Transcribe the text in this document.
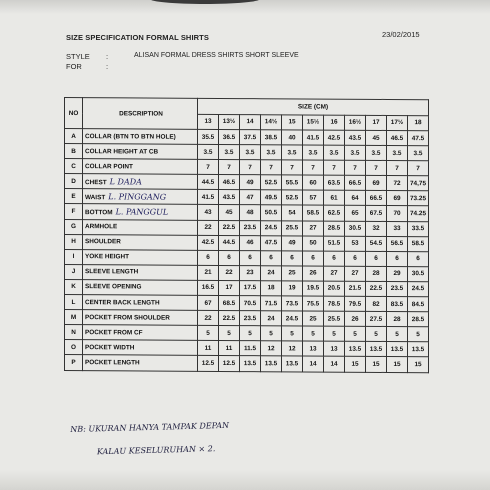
SIZE SPECIFICATION FORMAL SHIRTS	23/02/2015
STYLE :
FOR	:
ALISAN FORMAL DRESS SHIRTS SHORT SLEEVE
NO	DESCRIPTION	SIZE (CM)										
		13	13½	14	14½	15	15½	16	16½	17	17½	18
A	COLLAR (BTN TO BTN HOLE)	35.5	36.5	37.5	38.5	40	41.5	42.5	43.5	45	46.5	47.5
B	COLLAR HEIGHT AT CB	3.5	3.5	3.5	3.5	3.5	3.5	3.5	3.5	3.5	3.5	3.5
C	COLLAR POINT	7	7	7	7	7	7	7	7	7	7	7
D	CHEST L DADA	44.5	46.5	49	52.5	55.5	60	63.5	66.5	69	72	74,75
E	WAIST L. PINGGANG	41.5	43.5	47	49.5	52.5	57	61	64	66.5	69	73.25
F	BOTTOM L. PANGGUL	43	45	48	50.5	54	58.5	62.5	65	67.5	70	74.25
G	ARMHOLE	22	22.5	23.5	24.5	25.5	27	28.5	30.5	32	33	33.5
H	SHOULDER	42.5	44.5	46	47.5	49	50	51.5	53	54.5	56.5	58.5
I	YOKE HEIGHT	6	6	6	6	6	6	6	6	6	6	6
J	SLEEVE LENGTH	21	22	23	24	25	26	27	27	28	29	30.5
K	SLEEVE OPENING	16.5	17	17.5	18	19	19.5	20.5	21.5	22.5	23.5	24.5
L	CENTER BACK LENGTH	67	68.5	70.5	71.5	73.5	75.5	78.5	79.5	82	83.5	84.5
M	POCKET FROM SHOULDER	22	22.5	23.5	24	24.5	25	25.5	26	27.5	28	28.5
N	POCKET FROM CF	5	5	5	5	5	5	5	5	5	5	5
O	POCKET WIDTH	11	11	11.5	12	12	13	13	13.5	13.5	13.5	13.5
P	POCKET LENGTH	12.5	12.5	13.5	13.5	13.5	14	14	15	15	15	15
NB: UKURAN HANYA TAMPAK DEPAN
KALAU KESELURUHAN × 2.
